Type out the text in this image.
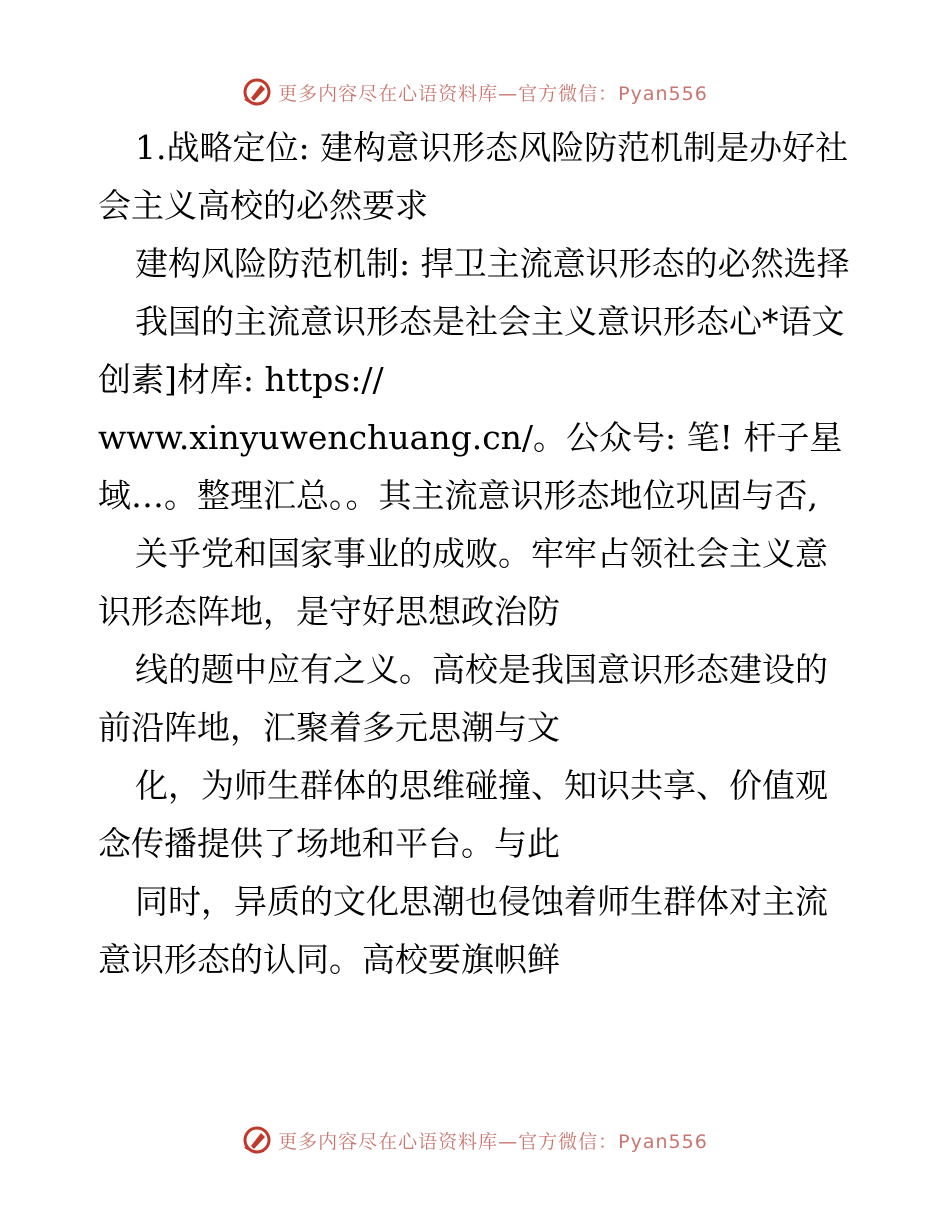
更多内容尽在心语资料库—官方微信：Pyan556

1.战略定位: 建构意识形态风险防范机制是办好社会主义高校的必然要求

建构风险防范机制: 捍卫主流意识形态的必然选择

我国的主流意识形态是社会主义意识形态心*语文创素]材库: https://

www.xinyuwenchuang.cn/。公众号: 笔! 杆子星域…。整理汇总。。其主流意识形态地位巩固与否,

关乎党和国家事业的成败。牢牢占领社会主义意识形态阵地，是守好思想政治防

线的题中应有之义。高校是我国意识形态建设的前沿阵地，汇聚着多元思潮与文

化，为师生群体的思维碰撞、知识共享、价值观念传播提供了场地和平台。与此

同时，异质的文化思潮也侵蚀着师生群体对主流意识形态的认同。高校要旗帜鲜

更多内容尽在心语资料库—官方微信：Pyan556
